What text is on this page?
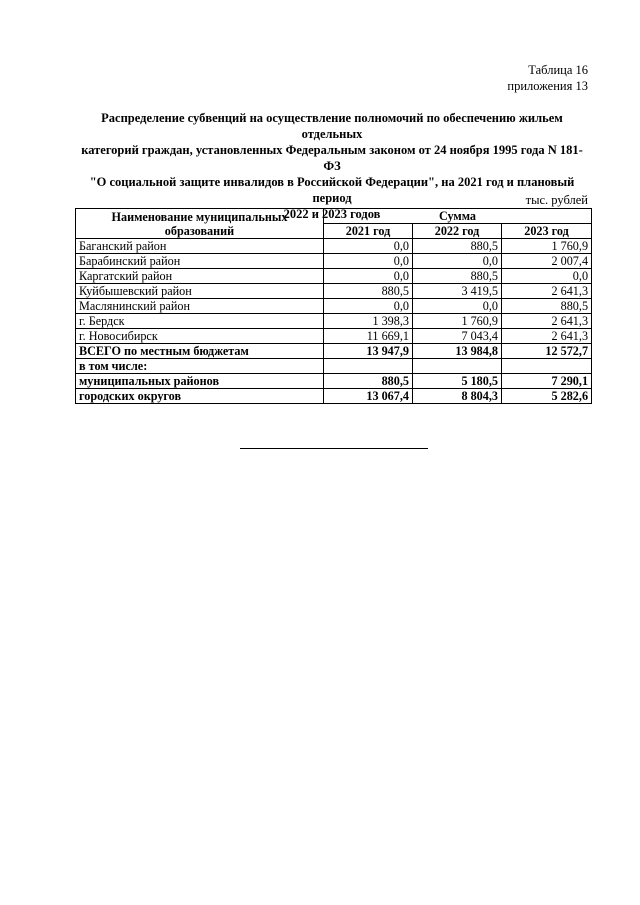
Таблица 16
приложения 13
Распределение субвенций на осуществление полномочий по обеспечению жильем отдельных
категорий граждан, установленных Федеральным законом от 24 ноября 1995 года N 181-ФЗ
"О социальной защите инвалидов в Российской Федерации", на 2021 год и плановый период
2022 и 2023 годов
тыс. рублей
Наименование муниципальных
образований	Сумма		
	2021 год	2022 год	2023 год
Баганский район	0,0	880,5	1 760,9
Барабинский район	0,0	0,0	2 007,4
Каргатский район	0,0	880,5	0,0
Куйбышевский район	880,5	3 419,5	2 641,3
Маслянинский район	0,0	0,0	880,5
г. Бердск	1 398,3	1 760,9	2 641,3
г. Новосибирск	11 669,1	7 043,4	2 641,3
ВСЕГО по местным бюджетам	13 947,9	13 984,8	12 572,7
в том числе:			
муниципальных районов	880,5	5 180,5	7 290,1
городских округов	13 067,4	8 804,3	5 282,6
